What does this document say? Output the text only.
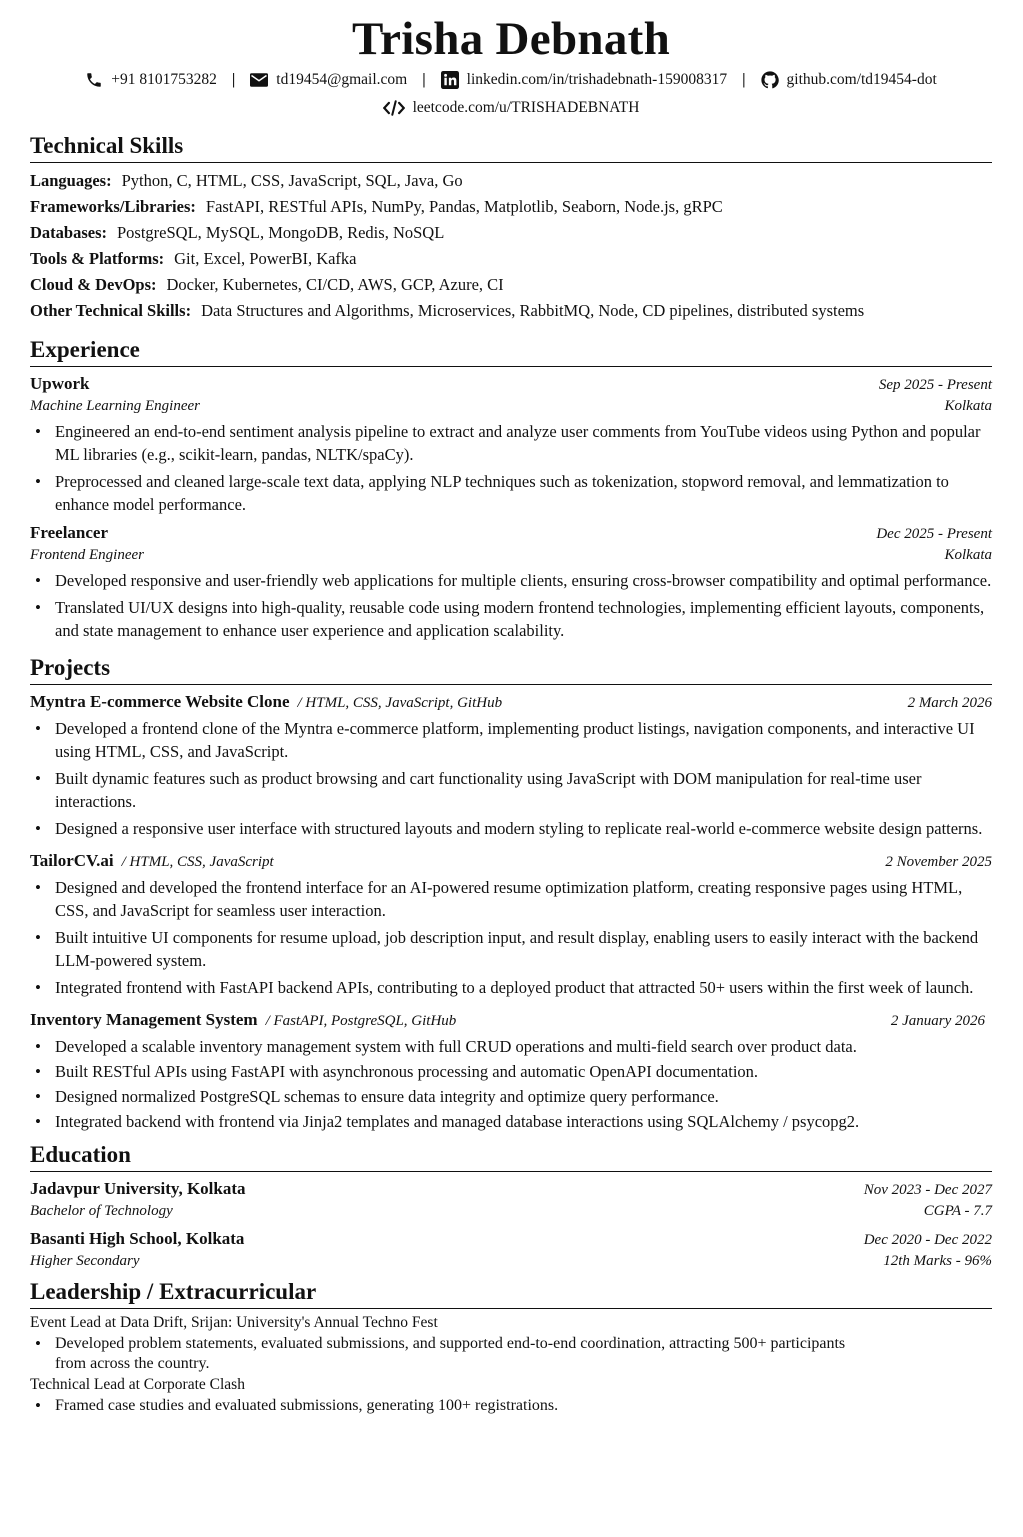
Trisha Debnath
+91 8101753282 |	td19454@gmail.com |	linkedin.com/in/trishadebnath-159008317 |	github.com/td19454-dot
leetcode.com/u/TRISHADEBNATH
Technical Skills
Languages: Python, C, HTML, CSS, JavaScript, SQL, Java, Go
Frameworks/Libraries: FastAPI, RESTful APIs, NumPy, Pandas, Matplotlib, Seaborn, Node.js, gRPC
Databases: PostgreSQL, MySQL, MongoDB, Redis, NoSQL
Tools & Platforms: Git, Excel, PowerBI, Kafka
Cloud & DevOps: Docker, Kubernetes, CI/CD, AWS, GCP, Azure, CI
Other Technical Skills: Data Structures and Algorithms, Microservices, RabbitMQ, Node, CD pipelines, distributed systems
Experience
Upwork	Sep 2025 - Present
Machine Learning Engineer	Kolkata
• Engineered an end-to-end sentiment analysis pipeline to extract and analyze user comments from YouTube videos using Python and popular ML libraries (e.g., scikit-learn, pandas, NLTK/spaCy).
• Preprocessed and cleaned large-scale text data, applying NLP techniques such as tokenization, stopword removal, and lemmatization to enhance model performance.
Freelancer	Dec 2025 - Present
Frontend Engineer	Kolkata
• Developed responsive and user-friendly web applications for multiple clients, ensuring cross-browser compatibility and optimal performance.
• Translated UI/UX designs into high-quality, reusable code using modern frontend technologies, implementing efficient layouts, components, and state management to enhance user experience and application scalability.
Projects
Myntra E-commerce Website Clone / HTML, CSS, JavaScript, GitHub	2 March 2026
• Developed a frontend clone of the Myntra e-commerce platform, implementing product listings, navigation components, and interactive UI using HTML, CSS, and JavaScript.
• Built dynamic features such as product browsing and cart functionality using JavaScript with DOM manipulation for real-time user interactions.
• Designed a responsive user interface with structured layouts and modern styling to replicate real-world e-commerce website design patterns.
TailorCV.ai / HTML, CSS, JavaScript	2 November 2025
• Designed and developed the frontend interface for an AI-powered resume optimization platform, creating responsive pages using HTML, CSS, and JavaScript for seamless user interaction.
• Built intuitive UI components for resume upload, job description input, and result display, enabling users to easily interact with the backend LLM-powered system.
• Integrated frontend with FastAPI backend APIs, contributing to a deployed product that attracted 50+ users within the first week of launch.
Inventory Management System / FastAPI, PostgreSQL, GitHub	2 January 2026
• Developed a scalable inventory management system with full CRUD operations and multi-field search over product data.
• Built RESTful APIs using FastAPI with asynchronous processing and automatic OpenAPI documentation.
• Designed normalized PostgreSQL schemas to ensure data integrity and optimize query performance.
• Integrated backend with frontend via Jinja2 templates and managed database interactions using SQLAlchemy / psycopg2.
Education
Jadavpur University, Kolkata	Nov 2023 - Dec 2027
Bachelor of Technology	CGPA - 7.7
Basanti High School, Kolkata	Dec 2020 - Dec 2022
Higher Secondary	12th Marks - 96%
Leadership / Extracurricular
Event Lead at Data Drift, Srijan: University's Annual Techno Fest
• Developed problem statements, evaluated submissions, and supported end-to-end coordination, attracting 500+ participants from across the country.
Technical Lead at Corporate Clash
• Framed case studies and evaluated submissions, generating 100+ registrations.
